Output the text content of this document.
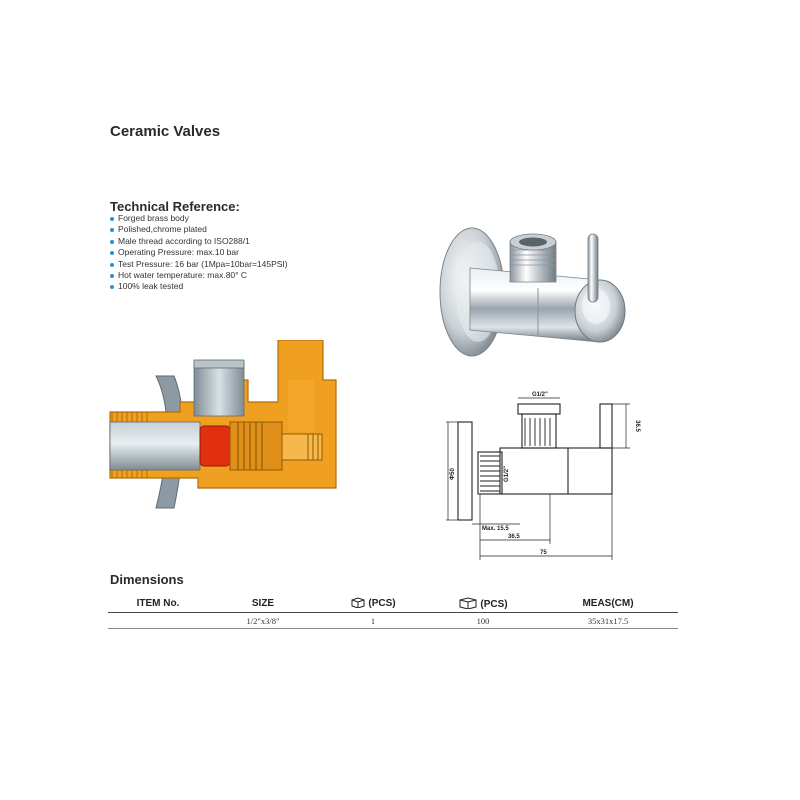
Ceramic Valves
Technical Reference:
Forged brass body
Polished,chrome plated
Male thread according to ISO288/1
Operating Pressure: max.10 bar
Test Pressure: 16 bar (1Mpa=10bar=145PSI)
Hot water temperature: max.80° C
100% leak tested
G1/2"
Φ50	G1/2"
36.5
Max. 15.5
36.5
75
Dimensions
ITEM No.	SIZE	(PCS)	(PCS)	MEAS(CM)
	1/2"x3/8"	1	100	35x31x17.5
